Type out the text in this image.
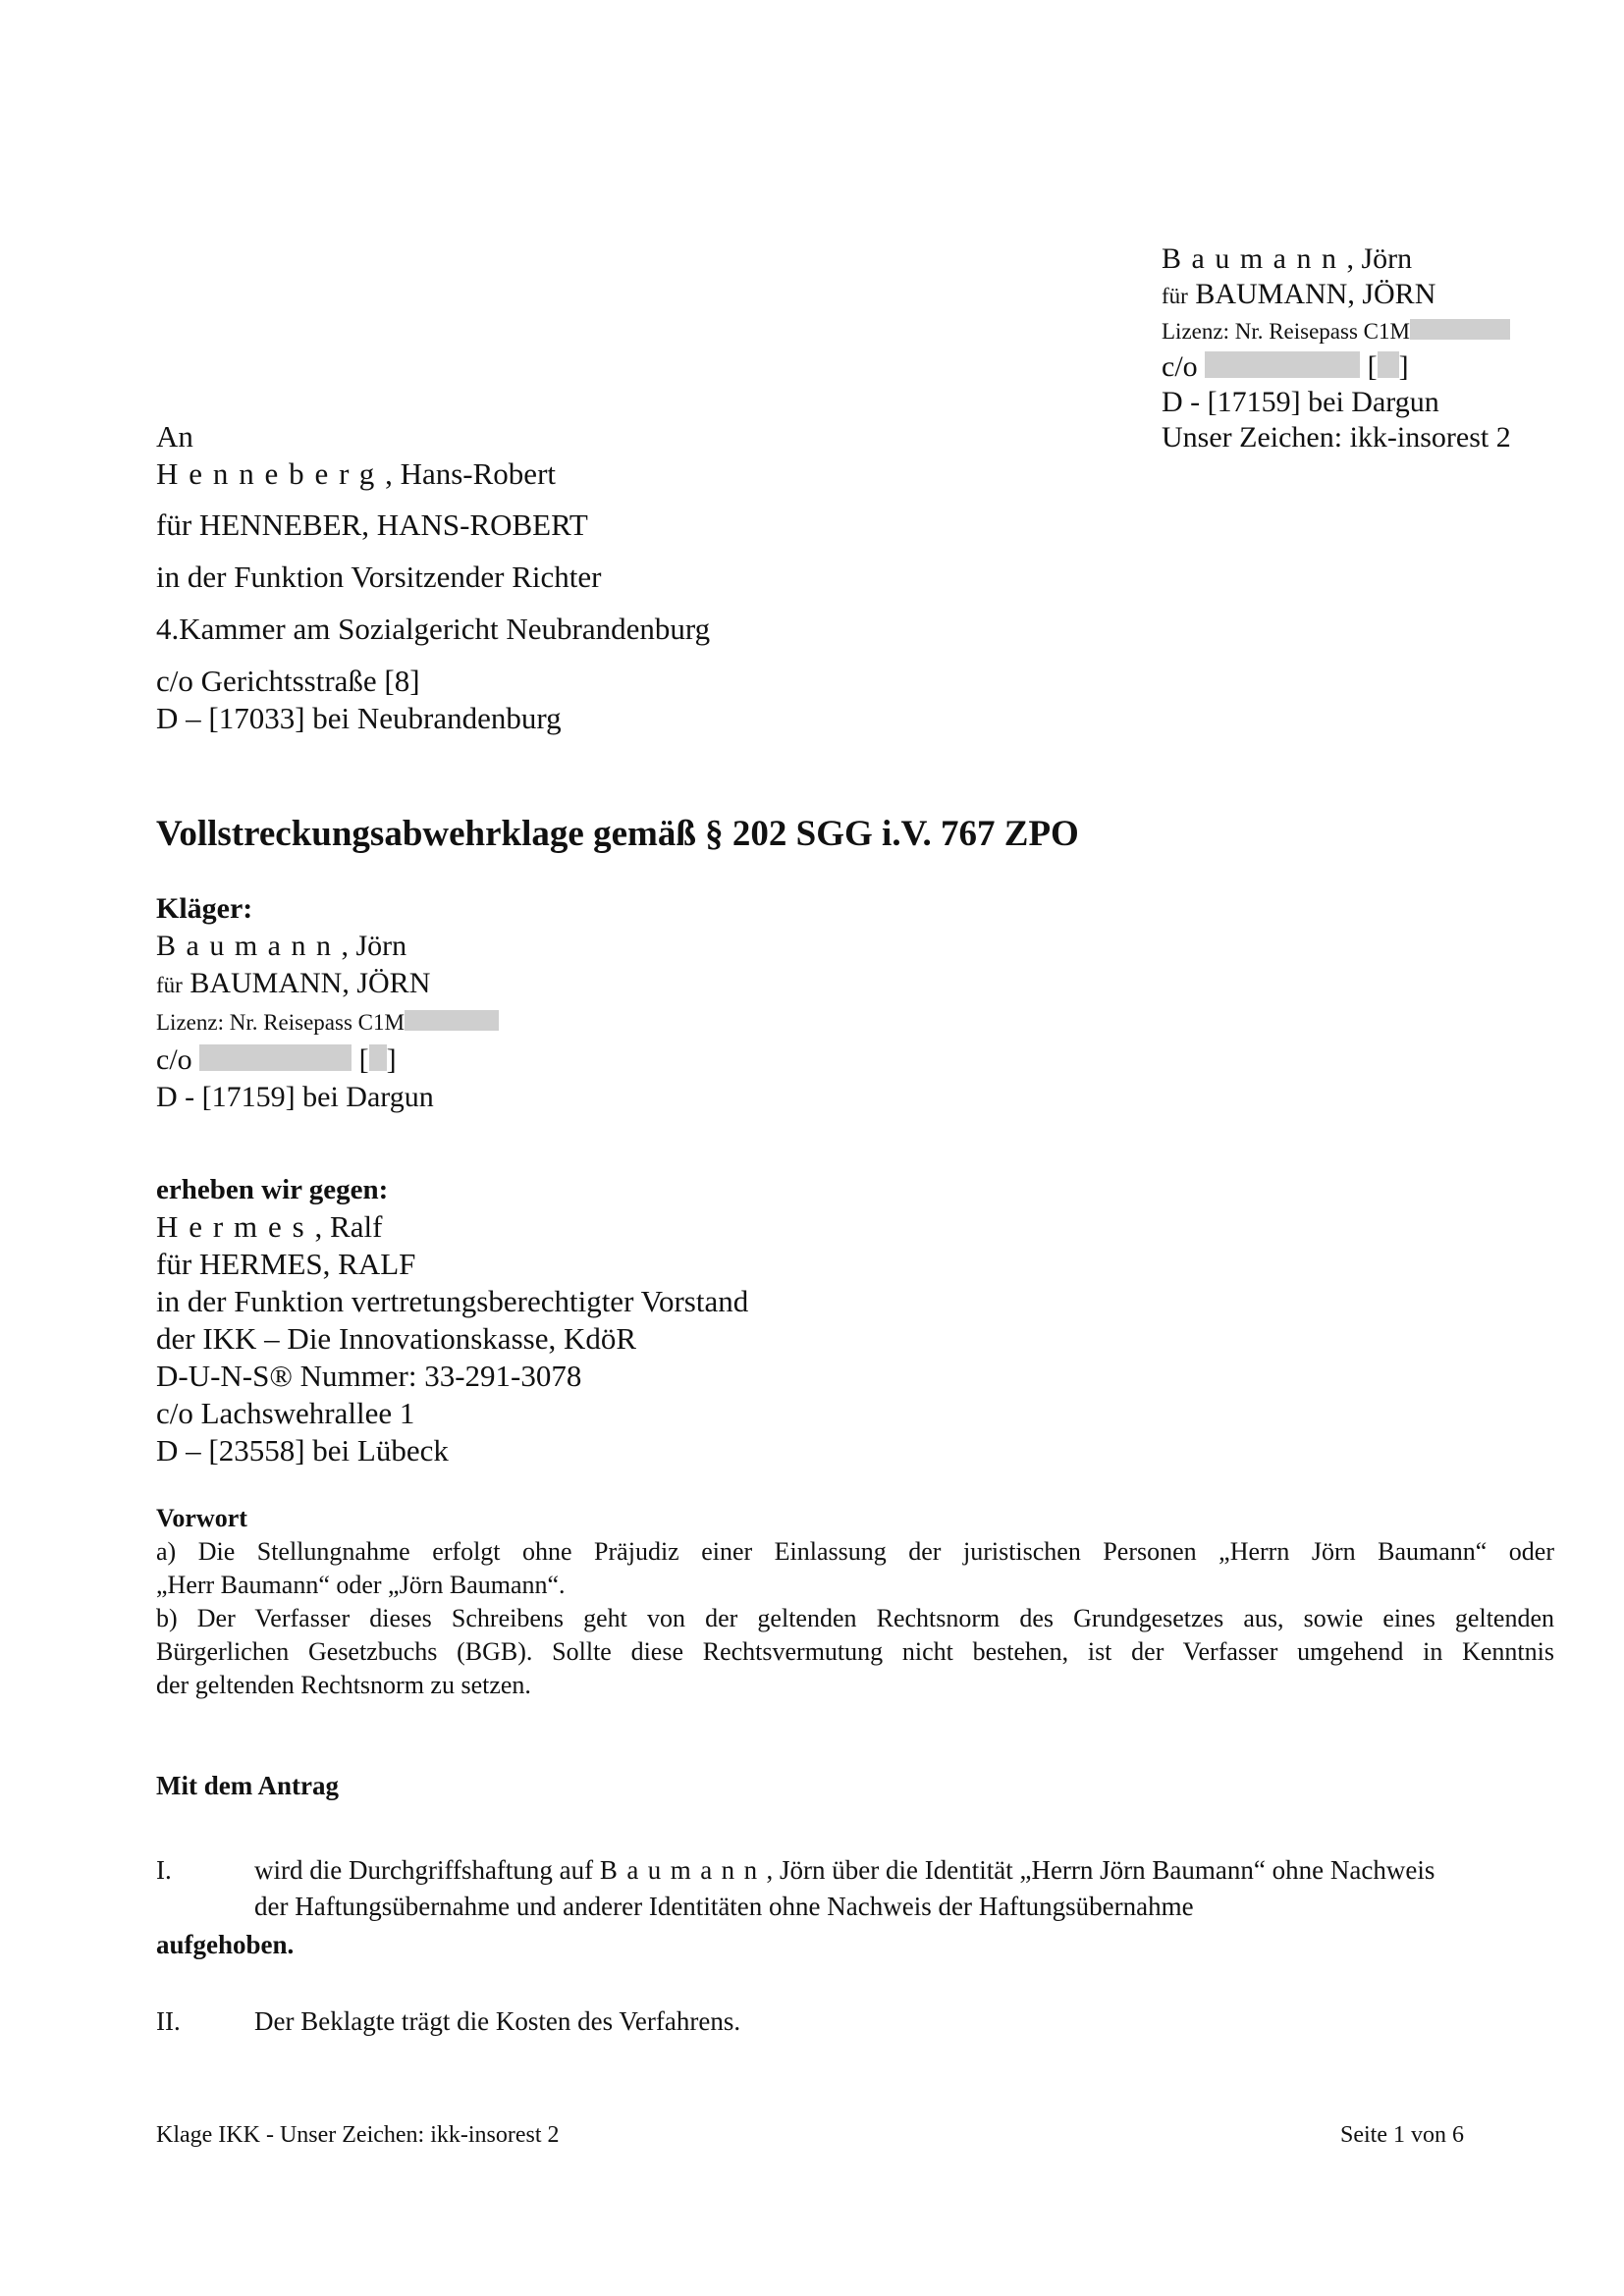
Baumann, Jörn
für BAUMANN, JÖRN
Lizenz: Nr. Reisepass C1M
c/o	[ ]
D - [17159] bei Dargun
Unser Zeichen: ikk-insorest 2
An
Henneberg, Hans-Robert
für HENNEBER, HANS-ROBERT
in der Funktion Vorsitzender Richter
4.Kammer am Sozialgericht Neubrandenburg
c/o Gerichtsstraße [8]
D – [17033] bei Neubrandenburg
Vollstreckungsabwehrklage gemäß § 202 SGG i.V. 767 ZPO
Kläger:
Baumann, Jörn
für BAUMANN, JÖRN
Lizenz: Nr. Reisepass C1M
c/o	[ ]
D - [17159] bei Dargun
erheben wir gegen:
Hermes, Ralf
für HERMES, RALF
in der Funktion vertretungsberechtigter Vorstand
der IKK – Die Innovationskasse, KdöR
D-U-N-S® Nummer: 33-291-3078
c/o Lachswehrallee 1
D – [23558] bei Lübeck
Vorwort
a) Die Stellungnahme erfolgt ohne Präjudiz einer Einlassung der juristischen Personen „Herrn Jörn Baumann“ oder
„Herr Baumann“ oder „Jörn Baumann“.
b) Der Verfasser dieses Schreibens geht von der geltenden Rechtsnorm des Grundgesetzes aus, sowie eines geltenden
Bürgerlichen Gesetzbuchs (BGB). Sollte diese Rechtsvermutung nicht bestehen, ist der Verfasser umgehend in Kenntnis
der geltenden Rechtsnorm zu setzen.
Mit dem Antrag
I.	wird die Durchgriffshaftung auf Baumann, Jörn über die Identität „Herrn Jörn Baumann“ ohne Nachweis
der Haftungsübernahme und anderer Identitäten ohne Nachweis der Haftungsübernahme
aufgehoben.
II.	Der Beklagte trägt die Kosten des Verfahrens.
Klage IKK - Unser Zeichen: ikk-insorest 2	Seite 1 von 6
